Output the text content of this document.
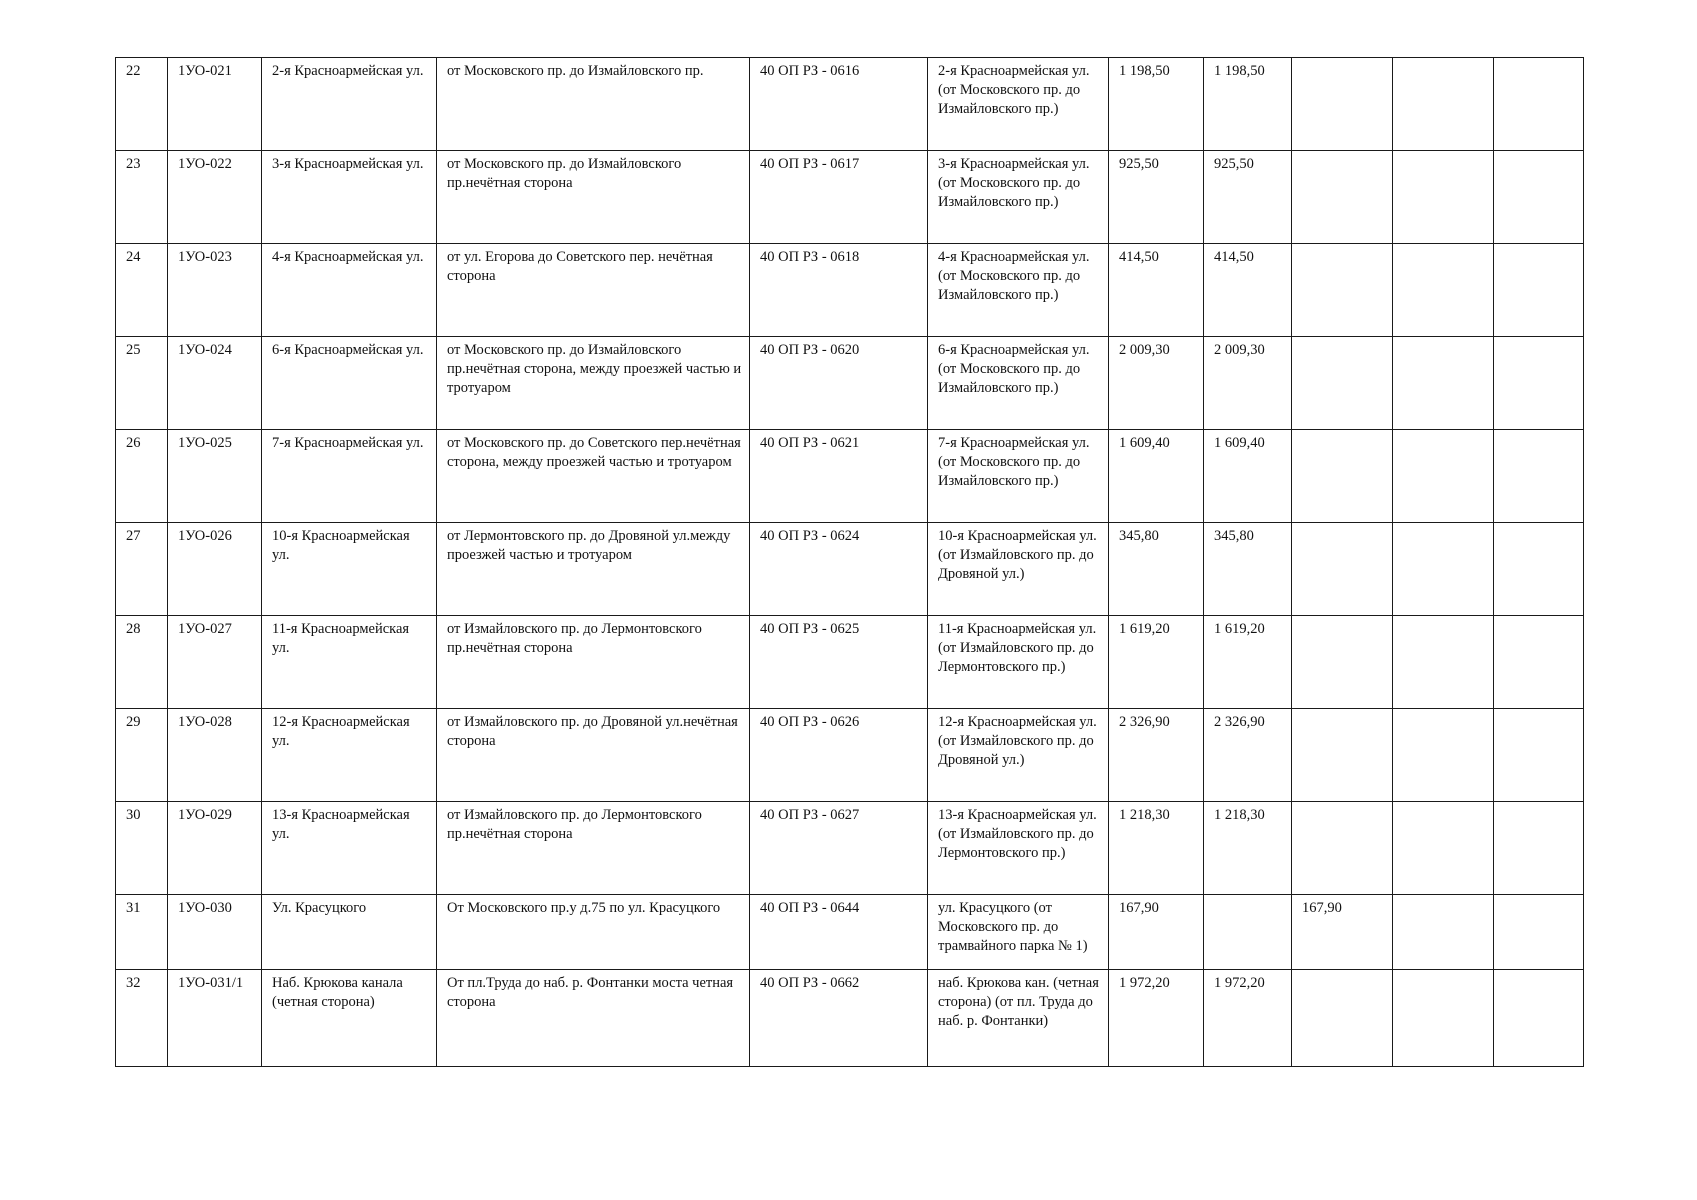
22	1УО-021	2-я Красноармейская ул.	от Московского пр. до Измайловского пр.	40 ОП РЗ - 0616	2-я Красноармейская ул. (от Московского пр. до Измайловского пр.)	1 198,50	1 198,50			
23	1УО-022	3-я Красноармейская ул.	от Московского пр. до Измайловского пр.нечётная сторона	40 ОП РЗ - 0617	3-я Красноармейская ул. (от Московского пр. до Измайловского пр.)	925,50	925,50			
24	1УО-023	4-я Красноармейская ул.	от ул. Егорова до Советского пер. нечётная сторона	40 ОП РЗ - 0618	4-я Красноармейская ул. (от Московского пр. до Измайловского пр.)	414,50	414,50			
25	1УО-024	6-я Красноармейская ул.	от Московского пр. до Измайловского пр.нечётная сторона, между проезжей частью и тротуаром	40 ОП РЗ - 0620	6-я Красноармейская ул. (от Московского пр. до Измайловского пр.)	2 009,30	2 009,30			
26	1УО-025	7-я Красноармейская ул.	от Московского пр. до Советского пер.нечётная сторона, между проезжей частью и тротуаром	40 ОП РЗ - 0621	7-я Красноармейская ул. (от Московского пр. до Измайловского пр.)	1 609,40	1 609,40			
27	1УО-026	10-я Красноармейская ул.	от Лермонтовского пр. до Дровяной ул.между проезжей частью и тротуаром	40 ОП РЗ - 0624	10-я Красноармейская ул. (от Измайловского пр. до Дровяной ул.)	345,80	345,80			
28	1УО-027	11-я Красноармейская ул.	от Измайловского пр. до Лермонтовского пр.нечётная сторона	40 ОП РЗ - 0625	11-я Красноармейская ул. (от Измайловского пр. до Лермонтовского пр.)	1 619,20	1 619,20			
29	1УО-028	12-я Красноармейская ул.	от Измайловского пр. до Дровяной ул.нечётная сторона	40 ОП РЗ - 0626	12-я Красноармейская ул. (от Измайловского пр. до Дровяной ул.)	2 326,90	2 326,90			
30	1УО-029	13-я Красноармейская ул.	от Измайловского пр. до Лермонтовского пр.нечётная сторона	40 ОП РЗ - 0627	13-я Красноармейская ул. (от Измайловского пр. до Лермонтовского пр.)	1 218,30	1 218,30			
31	1УО-030	Ул. Красуцкого	От Московского пр.у д.75 по ул. Красуцкого	40 ОП РЗ - 0644	ул. Красуцкого (от Московского пр. до трамвайного парка № 1)	167,90		167,90		
32	1УО-031/1	Наб. Крюкова канала (четная сторона)	От пл.Труда до наб. р. Фонтанки моста четная сторона	40 ОП РЗ - 0662	наб. Крюкова кан. (четная сторона) (от пл. Труда до наб. р. Фонтанки)	1 972,20	1 972,20			
